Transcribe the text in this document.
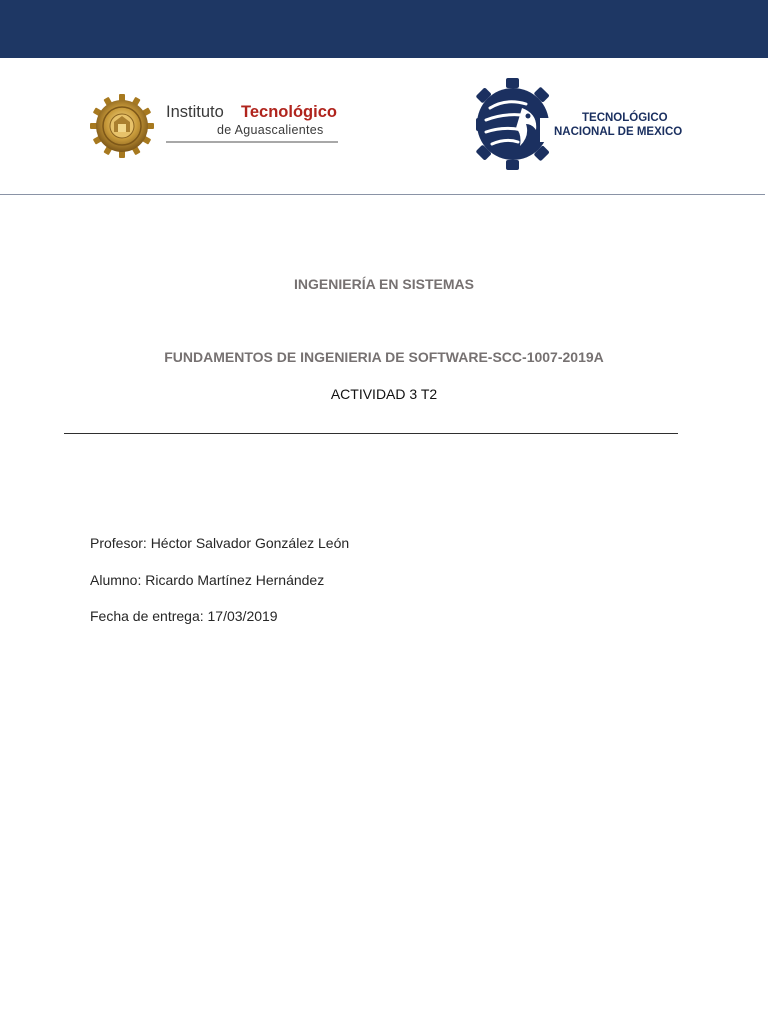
Instituto Tecnológico
de Aguascalientes
TECNOLÓGICO
NACIONAL DE MEXICO
INGENIERÍA EN SISTEMAS
FUNDAMENTOS DE INGENIERIA DE SOFTWARE-SCC-1007-2019A
ACTIVIDAD 3 T2
Profesor: Héctor Salvador González León
Alumno: Ricardo Martínez Hernández
Fecha de entrega: 17/03/2019
